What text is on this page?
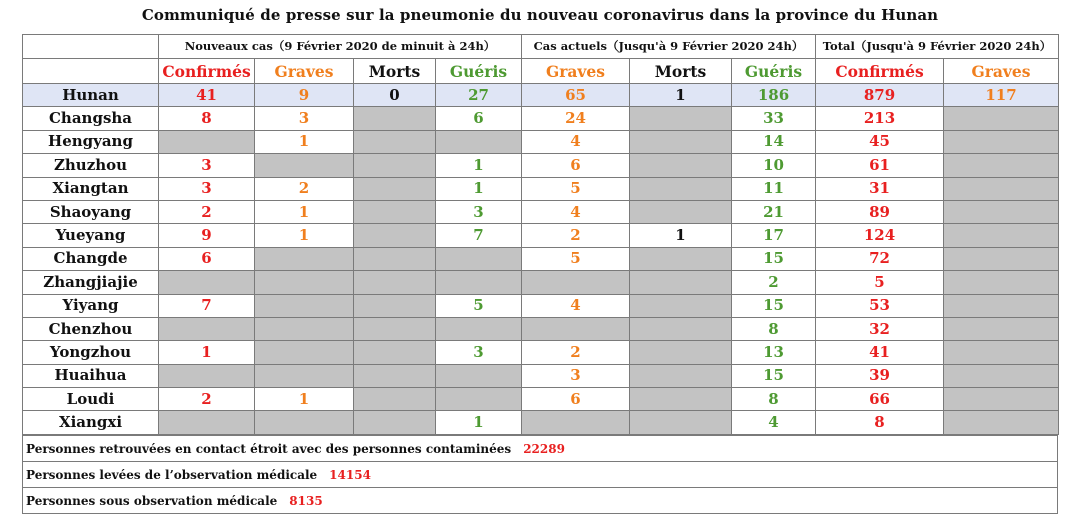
Communiqué de presse sur la pneumonie du nouveau coronavirus dans la province du Hunan
	Nouveaux cas（9 Février 2020 de minuit à 24h）				Cas actuels（Jusqu'à 9 Février 2020 24h）			Total（Jusqu'à 9 Février 2020 24h）	
	Confirmés	Graves	Morts	Guéris	Graves	Morts	Guéris	Confirmés	Graves
Hunan	41	9	0	27	65	1	186	879	117
Changsha	8	3		6	24		33	213	
Hengyang		1			4		14	45	
Zhuzhou	3			1	6		10	61	
Xiangtan	3	2		1	5		11	31	
Shaoyang	2	1		3	4		21	89	
Yueyang	9	1		7	2	1	17	124	
Changde	6				5		15	72	
Zhangjiajie							2	5	
Yiyang	7			5	4		15	53	
Chenzhou							8	32	
Yongzhou	1			3	2		13	41	
Huaihua					3		15	39	
Loudi	2	1			6		8	66	
Xiangxi				1			4	8	
Personnes retrouvées en contact étroit avec des personnes contaminées 22289
Personnes levées de l’observation médicale 14154
Personnes sous observation médicale 8135
